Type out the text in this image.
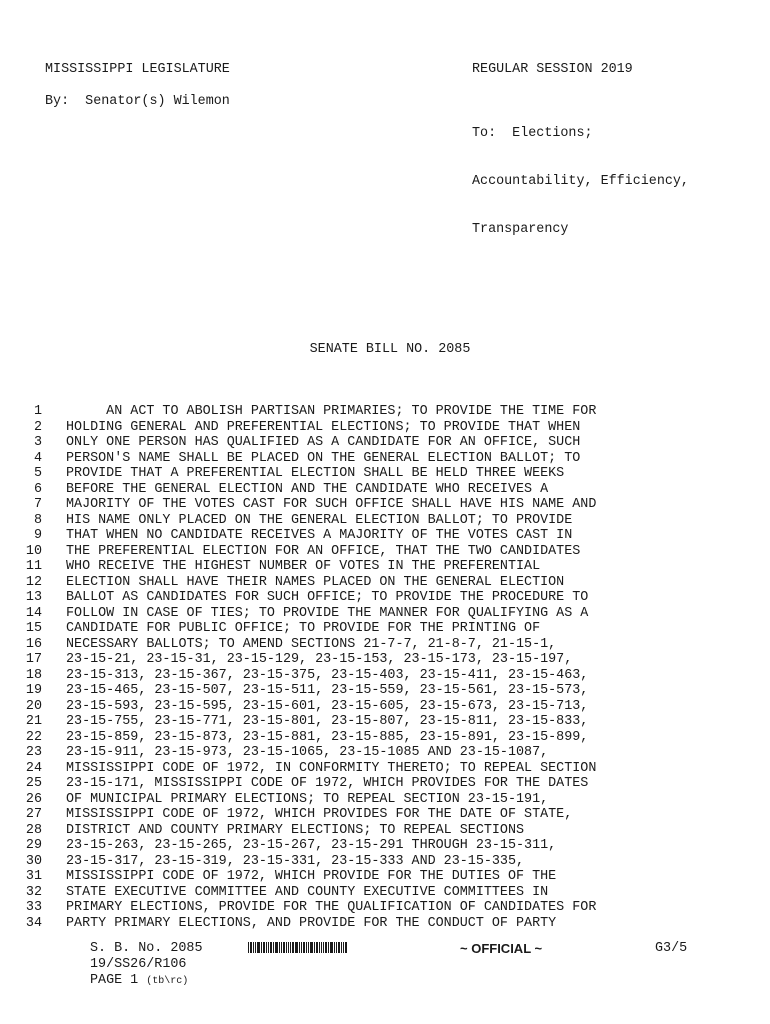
MISSISSIPPI LEGISLATURE	REGULAR SESSION 2019
By:  Senator(s) Wilemon

To:  Elections;

Accountability, Efficiency,

Transparency

SENATE BILL NO. 2085
1	AN ACT TO ABOLISH PARTISAN PRIMARIES; TO PROVIDE THE TIME FOR
2	HOLDING GENERAL AND PREFERENTIAL ELECTIONS; TO PROVIDE THAT WHEN
3	ONLY ONE PERSON HAS QUALIFIED AS A CANDIDATE FOR AN OFFICE, SUCH
4	PERSON'S NAME SHALL BE PLACED ON THE GENERAL ELECTION BALLOT; TO
5	PROVIDE THAT A PREFERENTIAL ELECTION SHALL BE HELD THREE WEEKS
6	BEFORE THE GENERAL ELECTION AND THE CANDIDATE WHO RECEIVES A
7	MAJORITY OF THE VOTES CAST FOR SUCH OFFICE SHALL HAVE HIS NAME AND
8	HIS NAME ONLY PLACED ON THE GENERAL ELECTION BALLOT; TO PROVIDE
9	THAT WHEN NO CANDIDATE RECEIVES A MAJORITY OF THE VOTES CAST IN
10	THE PREFERENTIAL ELECTION FOR AN OFFICE, THAT THE TWO CANDIDATES
11	WHO RECEIVE THE HIGHEST NUMBER OF VOTES IN THE PREFERENTIAL
12	ELECTION SHALL HAVE THEIR NAMES PLACED ON THE GENERAL ELECTION
13	BALLOT AS CANDIDATES FOR SUCH OFFICE; TO PROVIDE THE PROCEDURE TO
14	FOLLOW IN CASE OF TIES; TO PROVIDE THE MANNER FOR QUALIFYING AS A
15	CANDIDATE FOR PUBLIC OFFICE; TO PROVIDE FOR THE PRINTING OF
16	NECESSARY BALLOTS; TO AMEND SECTIONS 21-7-7, 21-8-7, 21-15-1,
17	23-15-21, 23-15-31, 23-15-129, 23-15-153, 23-15-173, 23-15-197,
18	23-15-313, 23-15-367, 23-15-375, 23-15-403, 23-15-411, 23-15-463,
19	23-15-465, 23-15-507, 23-15-511, 23-15-559, 23-15-561, 23-15-573,
20	23-15-593, 23-15-595, 23-15-601, 23-15-605, 23-15-673, 23-15-713,
21	23-15-755, 23-15-771, 23-15-801, 23-15-807, 23-15-811, 23-15-833,
22	23-15-859, 23-15-873, 23-15-881, 23-15-885, 23-15-891, 23-15-899,
23	23-15-911, 23-15-973, 23-15-1065, 23-15-1085 AND 23-15-1087,
24	MISSISSIPPI CODE OF 1972, IN CONFORMITY THERETO; TO REPEAL SECTION
25	23-15-171, MISSISSIPPI CODE OF 1972, WHICH PROVIDES FOR THE DATES
26	OF MUNICIPAL PRIMARY ELECTIONS; TO REPEAL SECTION 23-15-191,
27	MISSISSIPPI CODE OF 1972, WHICH PROVIDES FOR THE DATE OF STATE,
28	DISTRICT AND COUNTY PRIMARY ELECTIONS; TO REPEAL SECTIONS
29	23-15-263, 23-15-265, 23-15-267, 23-15-291 THROUGH 23-15-311,
30	23-15-317, 23-15-319, 23-15-331, 23-15-333 AND 23-15-335,
31	MISSISSIPPI CODE OF 1972, WHICH PROVIDE FOR THE DUTIES OF THE
32	STATE EXECUTIVE COMMITTEE AND COUNTY EXECUTIVE COMMITTEES IN
33	PRIMARY ELECTIONS, PROVIDE FOR THE QUALIFICATION OF CANDIDATES FOR
34	PARTY PRIMARY ELECTIONS, AND PROVIDE FOR THE CONDUCT OF PARTY
S. B. No. 2085	~ OFFICIAL ~	G3/5
19/SS26/R106
PAGE 1 (tb\rc)
